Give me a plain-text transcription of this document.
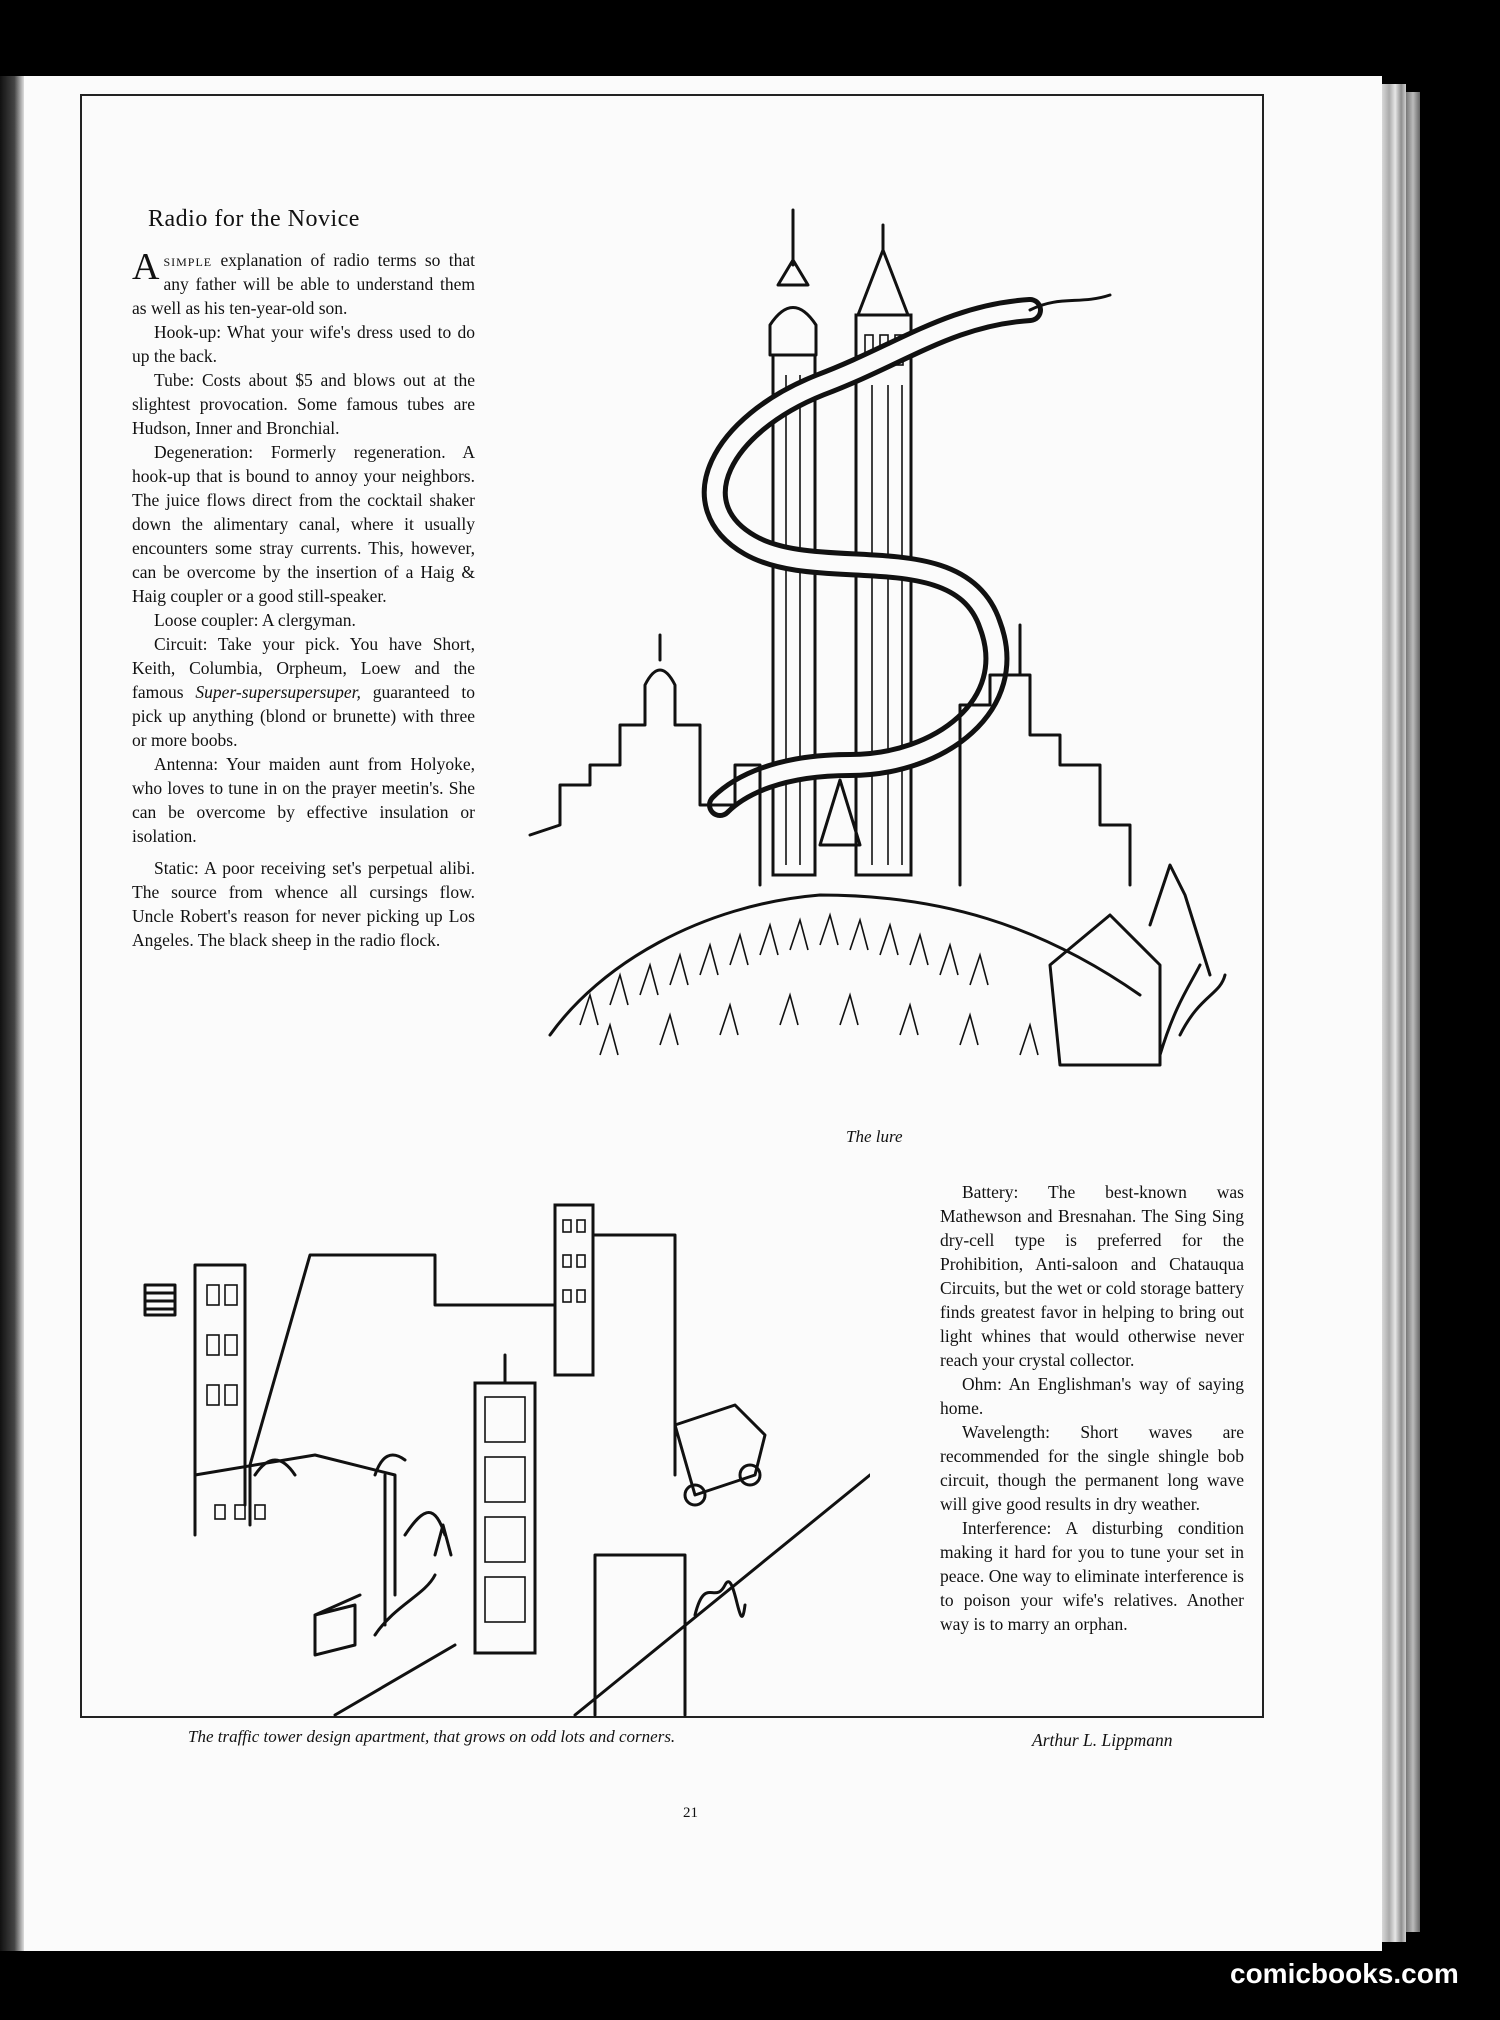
Radio for the Novice

Asimple explanation of radio terms so that any father will be able to understand them as well as his ten-year-old son.

Hook-up: What your wife's dress used to do up the back.

Tube: Costs about $5 and blows out at the slightest provocation. Some famous tubes are Hudson, Inner and Bronchial.

Degeneration: Formerly regeneration. A hook-up that is bound to annoy your neighbors. The juice flows direct from the cocktail shaker down the alimentary canal, where it usually encounters some stray currents. This, however, can be overcome by the insertion of a Haig & Haig coupler or a good still-speaker.

Loose coupler: A clergyman.

Circuit: Take your pick. You have Short, Keith, Columbia, Orpheum, Loew and the famous Super-supersupersuper, guaranteed to pick up anything (blond or brunette) with three or more boobs.

Antenna: Your maiden aunt from Holyoke, who loves to tune in on the prayer meetin's. She can be overcome by effective insulation or isolation.

Static: A poor receiving set's perpetual alibi. The source from whence all cursings flow. Uncle Robert's reason for never picking up Los Angeles. The black sheep in the radio flock.

The lure
The traffic tower design apartment, that grows on odd lots and corners.

Battery: The best-known was Mathewson and Bresnahan. The Sing Sing dry-cell type is preferred for the Prohibition, Anti-saloon and Chatauqua Circuits, but the wet or cold storage battery finds greatest favor in helping to bring out light whines that would otherwise never reach your crystal collector.

Ohm: An Englishman's way of saying home.

Wavelength: Short waves are recommended for the single shingle bob circuit, though the permanent long wave will give good results in dry weather.

Interference: A disturbing condition making it hard for you to tune your set in peace. One way to eliminate interference is to poison your wife's relatives. Another way is to marry an orphan.

Arthur L. Lippmann
21
comicbooks.com
